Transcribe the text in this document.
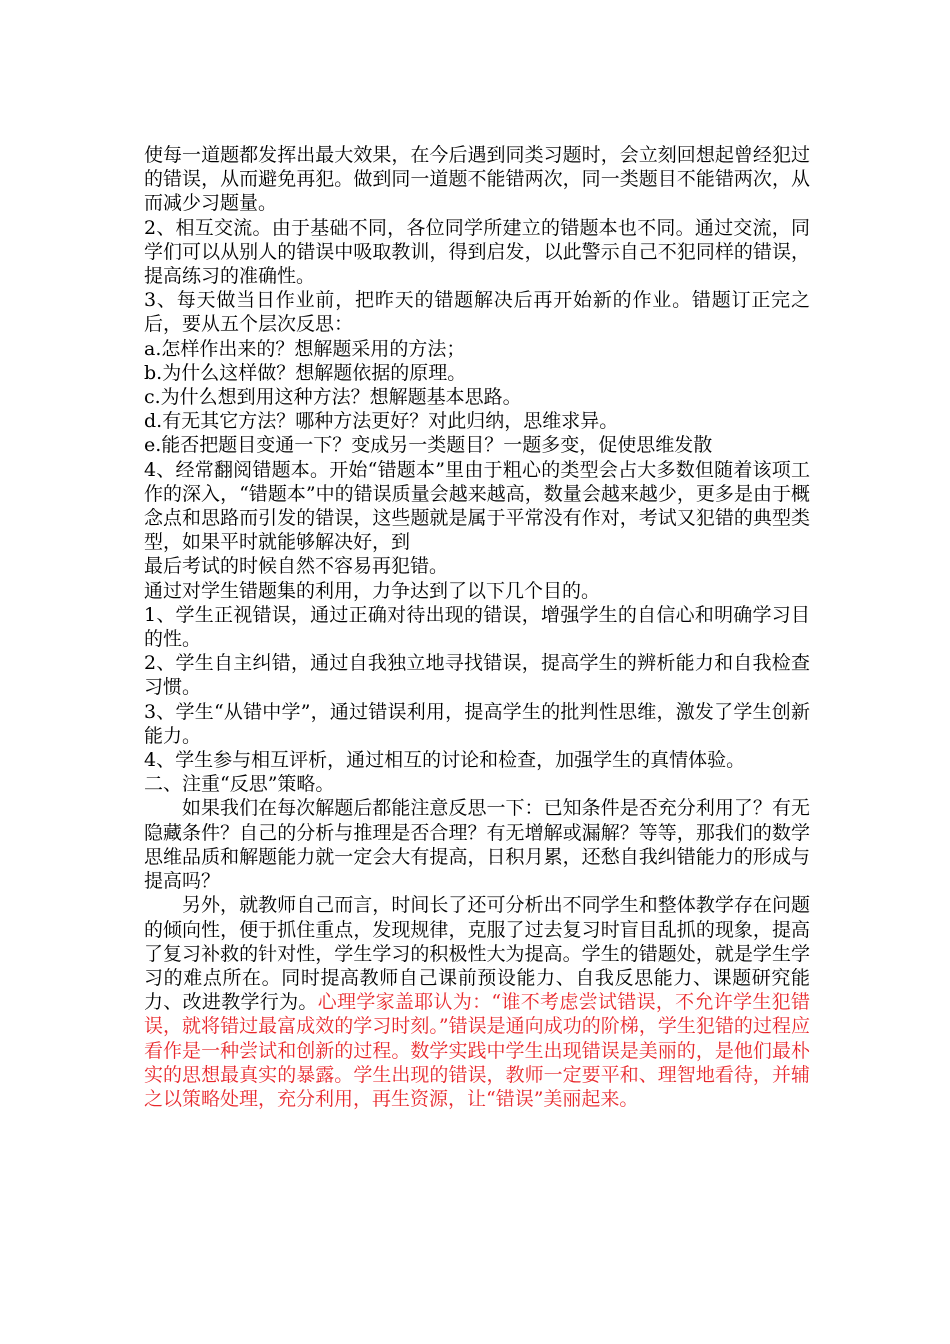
使每一道题都发挥出最大效果，在今后遇到同类习题时，会立刻回想起曾经犯过的错误，从而避免再犯。做到同一道题不能错两次，同一类题目不能错两次，从而减少习题量。

2、相互交流。由于基础不同，各位同学所建立的错题本也不同。通过交流，同学们可以从别人的错误中吸取教训，得到启发，以此警示自己不犯同样的错误，提高练习的准确性。

3、每天做当日作业前，把昨天的错题解决后再开始新的作业。错题订正完之后，要从五个层次反思：

a.怎样作出来的？想解题采用的方法；

b.为什么这样做？想解题依据的原理。

c.为什么想到用这种方法？想解题基本思路。

d.有无其它方法？哪种方法更好？对此归纳，思维求异。

e.能否把题目变通一下？变成另一类题目？一题多变，促使思维发散

4、经常翻阅错题本。开始“错题本”里由于粗心的类型会占大多数但随着该项工作的深入，“错题本”中的错误质量会越来越高，数量会越来越少，更多是由于概念点和思路而引发的错误，这些题就是属于平常没有作对，考试又犯错的典型类型，如果平时就能够解决好，到

最后考试的时候自然不容易再犯错。

通过对学生错题集的利用，力争达到了以下几个目的。

1、学生正视错误，通过正确对待出现的错误，增强学生的自信心和明确学习目的性。

2、学生自主纠错，通过自我独立地寻找错误，提高学生的辨析能力和自我检查习惯。

3、学生“从错中学”，通过错误利用，提高学生的批判性思维，激发了学生创新能力。

4、学生参与相互评析，通过相互的讨论和检查，加强学生的真情体验。

二、注重“反思”策略。

如果我们在每次解题后都能注意反思一下：已知条件是否充分利用了？有无隐藏条件？自己的分析与推理是否合理？有无增解或漏解？等等，那我们的数学思维品质和解题能力就一定会大有提高，日积月累，还愁自我纠错能力的形成与提高吗？

另外，就教师自己而言，时间长了还可分析出不同学生和整体教学存在问题的倾向性，便于抓住重点，发现规律，克服了过去复习时盲目乱抓的现象，提高了复习补救的针对性，学生学习的积极性大为提高。学生的错题处，就是学生学习的难点所在。同时提高教师自己课前预设能力、自我反思能力、课题研究能力、改进教学行为。心理学家盖耶认为：“谁不考虑尝试错误，不允许学生犯错误，就将错过最富成效的学习时刻。”错误是通向成功的阶梯，学生犯错的过程应看作是一种尝试和创新的过程。数学实践中学生出现错误是美丽的，是他们最朴实的思想最真实的暴露。学生出现的错误，教师一定要平和、理智地看待，并辅之以策略处理，充分利用，再生资源，让“错误”美丽起来。
